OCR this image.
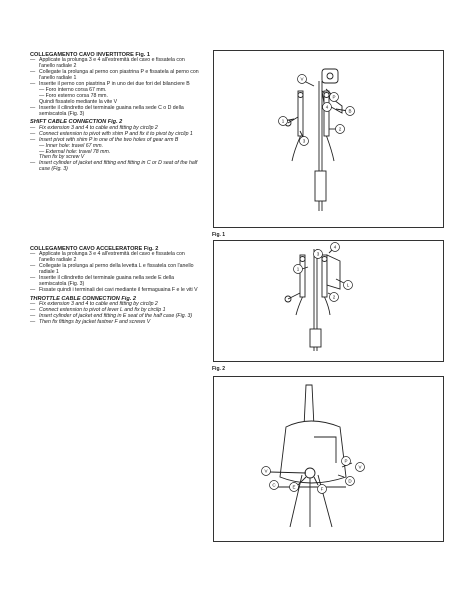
COLLEGAMENTO CAVO INVERTITORE Fig. 1

— Applicate la prolunga 3 e 4 all'estremità del cavo e fissatela con l'anello radiale 2
— Collegate la prolunga al perno con piastrina P e fissatela al perno con l'anello radiale 1
— Inserite il perno con piastrina P in uno dei due fori del bilanciere B
— Foro interno corsa 67 mm.
— Foro esterno corsa 78 mm.
Quindi fissatelo mediante la vite V
— Inserite il cilindretto del terminale guaina nella sede C o D della semiscatola (Fig. 3)

SHIFT CABLE CONNECTION Fig. 2

— Fix extension 3 and 4 to cable end fitting by circlip 2
— Connect extension to pivot with shim P and fix it to pivot by circlip 1
— Insert pivot with shim P in one of the two holes of gear arm B
— Inner hole: travel 67 mm.
— External hole: travel 78 mm.
Then fix by screw V
— Insert cylinder of jacket end fitting end fitting in C or D seat of the half case (Fig. 3)

COLLEGAMENTO CAVO ACCELERATORE Fig. 2

— Applicate la prolunga 3 e 4 all'estremità del cavo e fissatela con l'anello radiale 2
— Collegate la prolunga al perno della levetta L e fissatela con l'anello radiale 1
— Inserite il cilindretto del terminale guaina nella sede E della semiscatola (Fig. 3)
— Fissate quindi i terminali dei cavi mediante il fermaguaina F e le viti V

THROTTLE CABLE CONNECTION Fig. 2

— Fix extension 3 and 4 to cable end fitting by circlip 2
— Connect extension to pivot of lever L and fix by circlip 1
— Insert cylinder of jacket end fitting in E seat of the half case (Fig. 3)
— Then fix fittings by jacket fastner F and screws V
V
P
4
B
1
2
3
Fig. 1
4
3
1
L
2
Fig. 2
V
P
V
C	E	F
D
